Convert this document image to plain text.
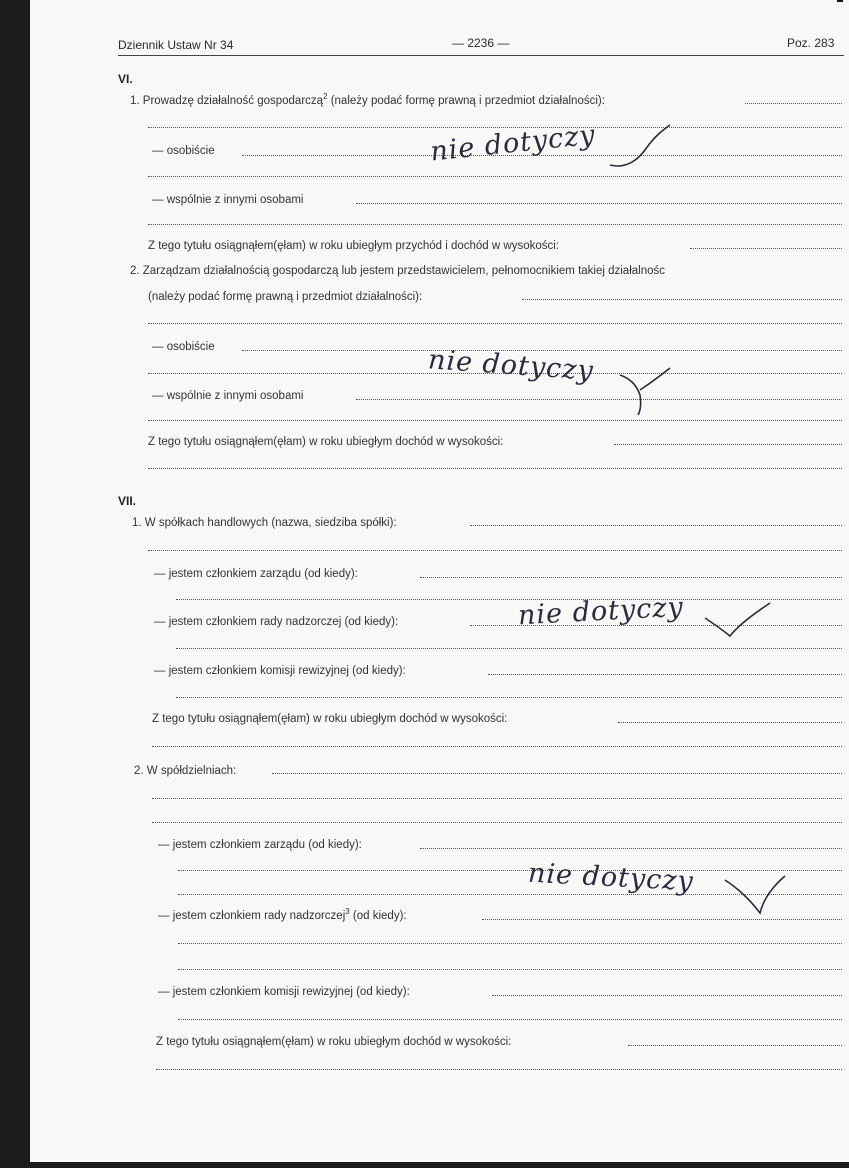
Dziennik Ustaw Nr 34	— 2236 —	Poz. 283
VI.
1. Prowadzę działalność gospodarczą$^2$ (należy podać formę prawną i przedmiot działalności):
— osobiście
— wspólnie z innymi osobami
Z tego tytułu osiągnąłem(ęłam) w roku ubiegłym przychód i dochód w wysokości:
2. Zarządzam działalnością gospodarczą lub jestem przedstawicielem, pełnomocnikiem takiej działalnośc
(należy podać formę prawną i przedmiot działalności):
— osobiście
— wspólnie z innymi osobami
Z tego tytułu osiągnąłem(ęłam) w roku ubiegłym dochód w wysokości:
VII.
1. W spółkach handlowych (nazwa, siedziba spółki):
— jestem członkiem zarządu (od kiedy):
— jestem członkiem rady nadzorczej (od kiedy):
— jestem członkiem komisji rewizyjnej (od kiedy):
Z tego tytułu osiągnąłem(ęłam) w roku ubiegłym dochód w wysokości:
2. W spółdzielniach:
— jestem członkiem zarządu (od kiedy):
— jestem członkiem rady nadzorczej$^3$ (od kiedy):
— jestem członkiem komisji rewizyjnej (od kiedy):
Z tego tytułu osiągnąłem(ęłam) w roku ubiegłym dochód w wysokości:
nie dotyczy
nie dotyczy
nie dotyczy
nie dotyczy
